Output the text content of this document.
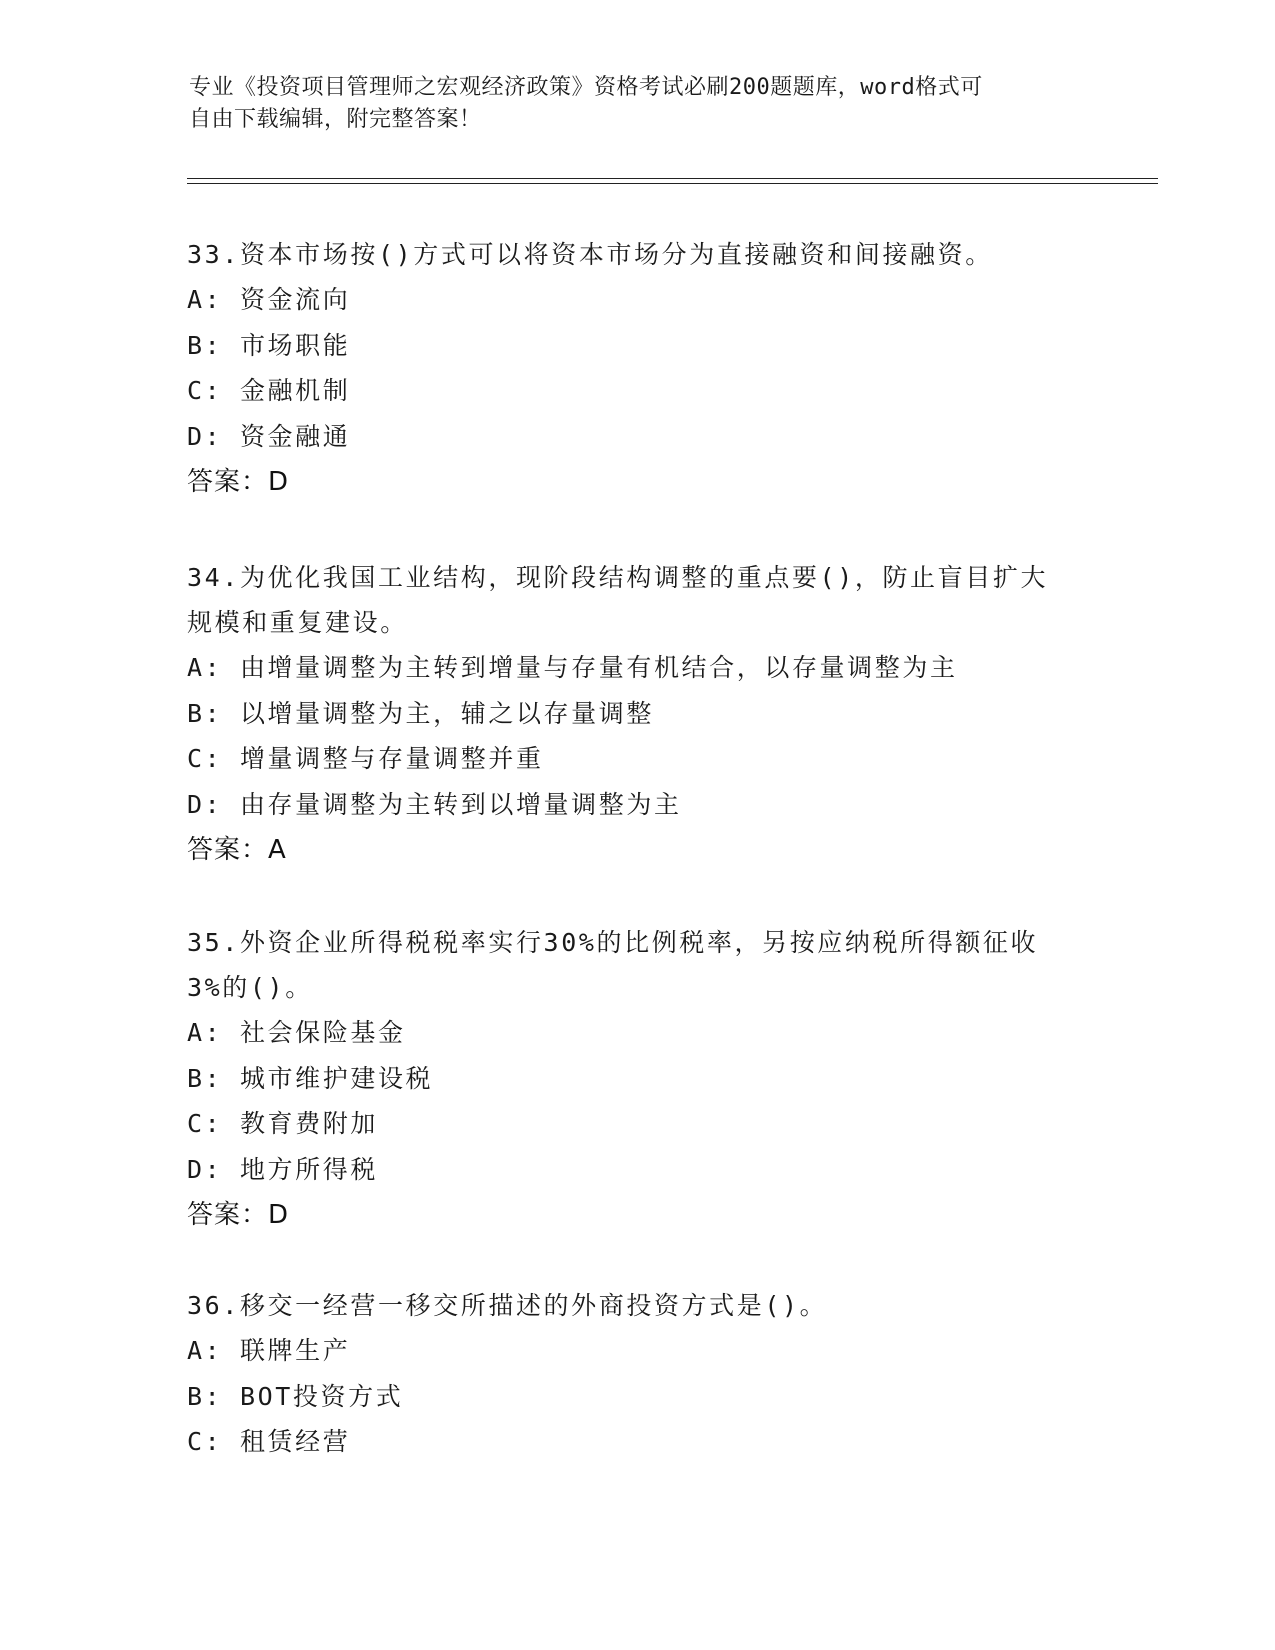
专业《投资项目管理师之宏观经济政策》资格考试必刷200题题库，word格式可
自由下载编辑，附完整答案！

33.资本市场按()方式可以将资本市场分为直接融资和间接融资。

A: 资金流向

B: 市场职能

C: 金融机制

D: 资金融通

答案：D

34.为优化我国工业结构，现阶段结构调整的重点要()，防止盲目扩大

规模和重复建设。

A: 由增量调整为主转到增量与存量有机结合，以存量调整为主

B: 以增量调整为主，辅之以存量调整

C: 增量调整与存量调整并重

D: 由存量调整为主转到以增量调整为主

答案：A

35.外资企业所得税税率实行30%的比例税率，另按应纳税所得额征收

3%的()。

A: 社会保险基金

B: 城市维护建设税

C: 教育费附加

D: 地方所得税

答案：D

36.移交一经营一移交所描述的外商投资方式是()。

A: 联牌生产

B: BOT投资方式

C: 租赁经营
